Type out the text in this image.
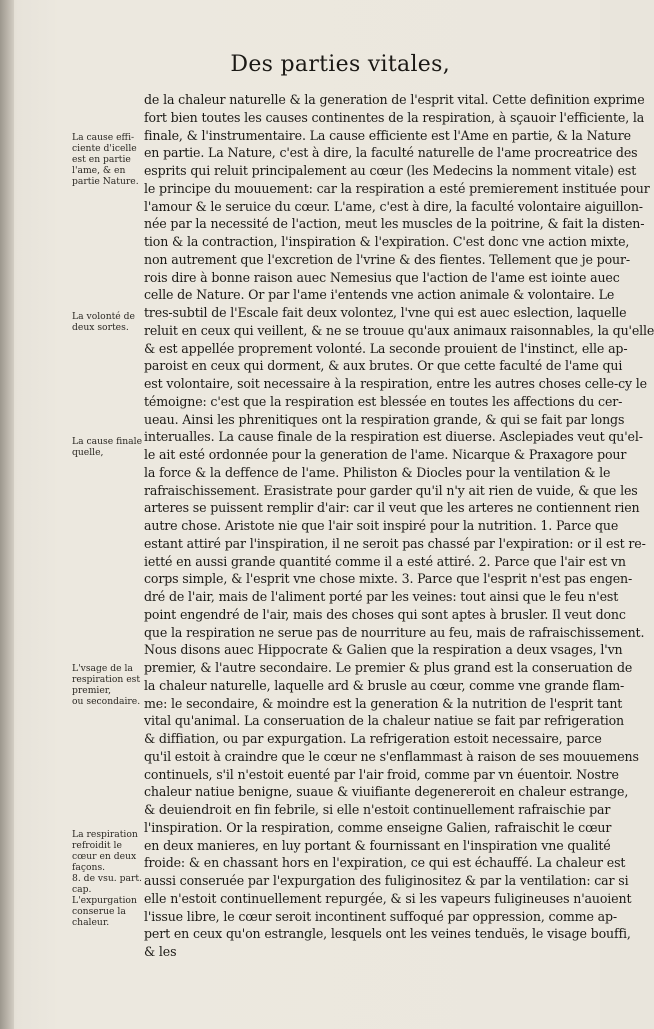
Des parties vitales,
de la chaleur naturelle & la generation de l'esprit vital. Cette definition exprime
fort bien toutes les causes continentes de la respiration, à sçauoir l'efficiente, la
finale, & l'instrumentaire. La cause efficiente est l'Ame en partie, & la Nature
en partie. La Nature, c'est à dire, la faculté naturelle de l'ame procreatrice des
esprits qui reluit principalement au cœur (les Medecins la nomment vitale) est
le principe du mouuement: car la respiration a esté premierement instituée pour
l'amour & le seruice du cœur. L'ame, c'est à dire, la faculté volontaire aiguillon-
née par la necessité de l'action, meut les muscles de la poitrine, & fait la disten-
tion & la contraction, l'inspiration & l'expiration. C'est donc vne action mixte,
non autrement que l'excretion de l'vrine & des fientes. Tellement que je pour-
rois dire à bonne raison auec Nemesius que l'action de l'ame est iointe auec
celle de Nature. Or par l'ame i'entends vne action animale & volontaire. Le
tres-subtil de l'Escale fait deux volontez, l'vne qui est auec eslection, laquelle
reluit en ceux qui veillent, & ne se trouue qu'aux animaux raisonnables, la qu'elle
& est appellée proprement volonté. La seconde prouient de l'instinct, elle ap-
paroist en ceux qui dorment, & aux brutes. Or que cette faculté de l'ame qui
est volontaire, soit necessaire à la respiration, entre les autres choses celle-cy le
témoigne: c'est que la respiration est blessée en toutes les affections du cer-
ueau. Ainsi les phrenitiques ont la respiration grande, & qui se fait par longs
interualles. La cause finale de la respiration est diuerse. Asclepiades veut qu'el-
le ait esté ordonnée pour la generation de l'ame. Nicarque & Praxagore pour
la force & la deffence de l'ame. Philiston & Diocles pour la ventilation & le
rafraischissement. Erasistrate pour garder qu'il n'y ait rien de vuide, & que les
arteres se puissent remplir d'air: car il veut que les arteres ne contiennent rien
autre chose. Aristote nie que l'air soit inspiré pour la nutrition. 1. Parce que
estant attiré par l'inspiration, il ne seroit pas chassé par l'expiration: or il est re-
ietté en aussi grande quantité comme il a esté attiré. 2. Parce que l'air est vn
corps simple, & l'esprit vne chose mixte. 3. Parce que l'esprit n'est pas engen-
dré de l'air, mais de l'aliment porté par les veines: tout ainsi que le feu n'est
point engendré de l'air, mais des choses qui sont aptes à brusler. Il veut donc
que la respiration ne serue pas de nourriture au feu, mais de rafraischissement.
Nous disons auec Hippocrate & Galien que la respiration a deux vsages, l'vn
premier, & l'autre secondaire. Le premier & plus grand est la conseruation de
la chaleur naturelle, laquelle ard & brusle au cœur, comme vne grande flam-
me: le secondaire, & moindre est la generation & la nutrition de l'esprit tant
vital qu'animal. La conseruation de la chaleur natiue se fait par refrigeration
& diffiation, ou par expurgation. La refrigeration estoit necessaire, parce
qu'il estoit à craindre que le cœur ne s'enflammast à raison de ses mouuemens
continuels, s'il n'estoit euenté par l'air froid, comme par vn éuentoir. Nostre
chaleur natiue benigne, suaue & viuifiante degenereroit en chaleur estrange,
& deuiendroit en fin febrile, si elle n'estoit continuellement rafraischie par
l'inspiration. Or la respiration, comme enseigne Galien, rafraischit le cœur
en deux manieres, en luy portant & fournissant en l'inspiration vne qualité
froide: & en chassant hors en l'expiration, ce qui est échauffé. La chaleur est
aussi conseruée par l'expurgation des fuliginositez & par la ventilation: car si
elle n'estoit continuellement repurgée, & si les vapeurs fuligineuses n'auoient
l'issue libre, le cœur seroit incontinent suffoqué par oppression, comme ap-
pert en ceux qu'on estrangle, lesquels ont les veines tenduës, le visage bouffi,
& les
La cause effi-
ciente d'icelle
est en partie
l'ame, & en
partie Nature.
La volonté de
deux sortes.
La cause finale
quelle,
L'vsage de la
respiration est
premier,
ou secondaire.
La respiration
refroidit le
cœur en deux
façons.
8. de vsu. part.
cap.
L'expurgation
conserue la
chaleur.
